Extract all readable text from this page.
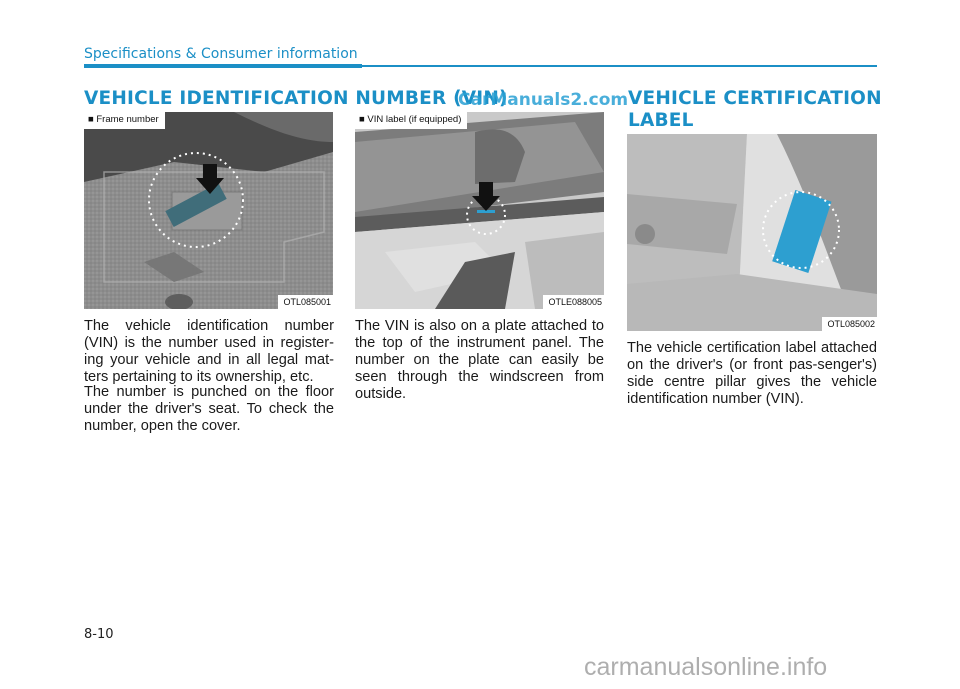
Specifications & Consumer information
VEHICLE IDENTIFICATION NUMBER (VIN)
CarManuals2.com VEHICLE CERTIFICATION
LABEL
■ Frame number
OTL085001
■ VIN label (if equipped)
OTLE088005
OTL085002

The vehicle identification number (VIN) is the number used in register-ing your vehicle and in all legal mat-ters pertaining to its ownership, etc.

The number is punched on the floor under the driver's seat. To check the number, open the cover.

The VIN is also on a plate attached to the top of the instrument panel. The number on the plate can easily be seen through the windscreen from outside.

The vehicle certification label attached on the driver's (or front pas-senger's) side centre pillar gives the vehicle identification number (VIN).

8-10
carmanualsonline.info
